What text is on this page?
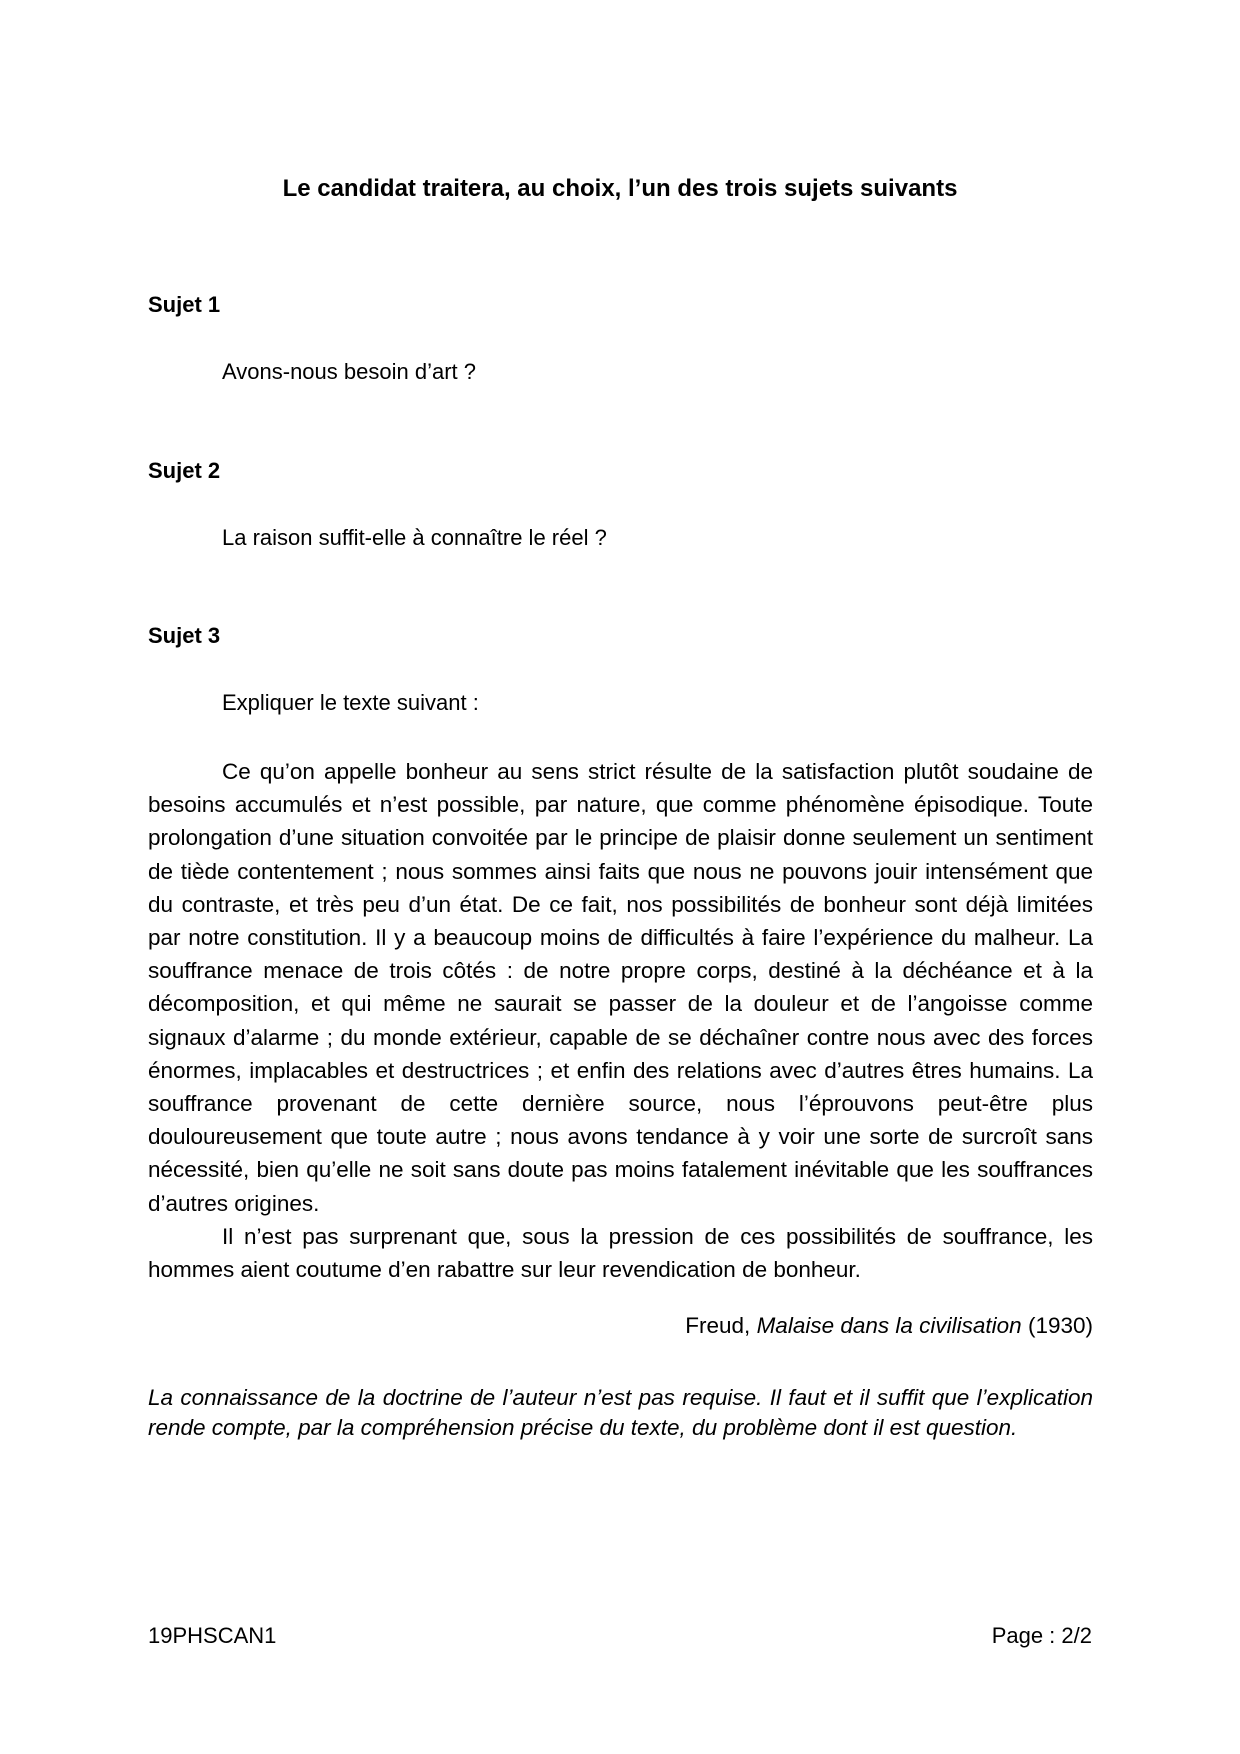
Le candidat traitera, au choix, l’un des trois sujets suivants
Sujet 1

Avons-nous besoin d’art ?

Sujet 2

La raison suffit-elle à connaître le réel ?

Sujet 3

Expliquer le texte suivant :

Ce qu’on appelle bonheur au sens strict résulte de la satisfaction plutôt soudaine de besoins accumulés et n’est possible, par nature, que comme phénomène épisodique. Toute prolongation d’une situation convoitée par le principe de plaisir donne seulement un sentiment de tiède contentement ; nous sommes ainsi faits que nous ne pouvons jouir intensément que du contraste, et très peu d’un état. De ce fait, nos possibilités de bonheur sont déjà limitées par notre constitution. Il y a beaucoup moins de difficultés à faire l’expérience du malheur. La souffrance menace de trois côtés : de notre propre corps, destiné à la déchéance et à la décomposition, et qui même ne saurait se passer de la douleur et de l’angoisse comme signaux d’alarme ; du monde extérieur, capable de se déchaîner contre nous avec des forces énormes, implacables et destructrices ; et enfin des relations avec d’autres êtres humains. La souffrance provenant de cette dernière source, nous l’éprouvons peut-être plus douloureusement que toute autre ; nous avons tendance à y voir une sorte de surcroît sans nécessité, bien qu’elle ne soit sans doute pas moins fatalement inévitable que les souffrances d’autres origines.

Il n’est pas surprenant que, sous la pression de ces possibilités de souffrance, les hommes aient coutume d’en rabattre sur leur revendication de bonheur.

Freud, Malaise dans la civilisation (1930)

La connaissance de la doctrine de l’auteur n’est pas requise. Il faut et il suffit que l’explication rende compte, par la compréhension précise du texte, du problème dont il est question.

19PHSCAN1	Page : 2/2
